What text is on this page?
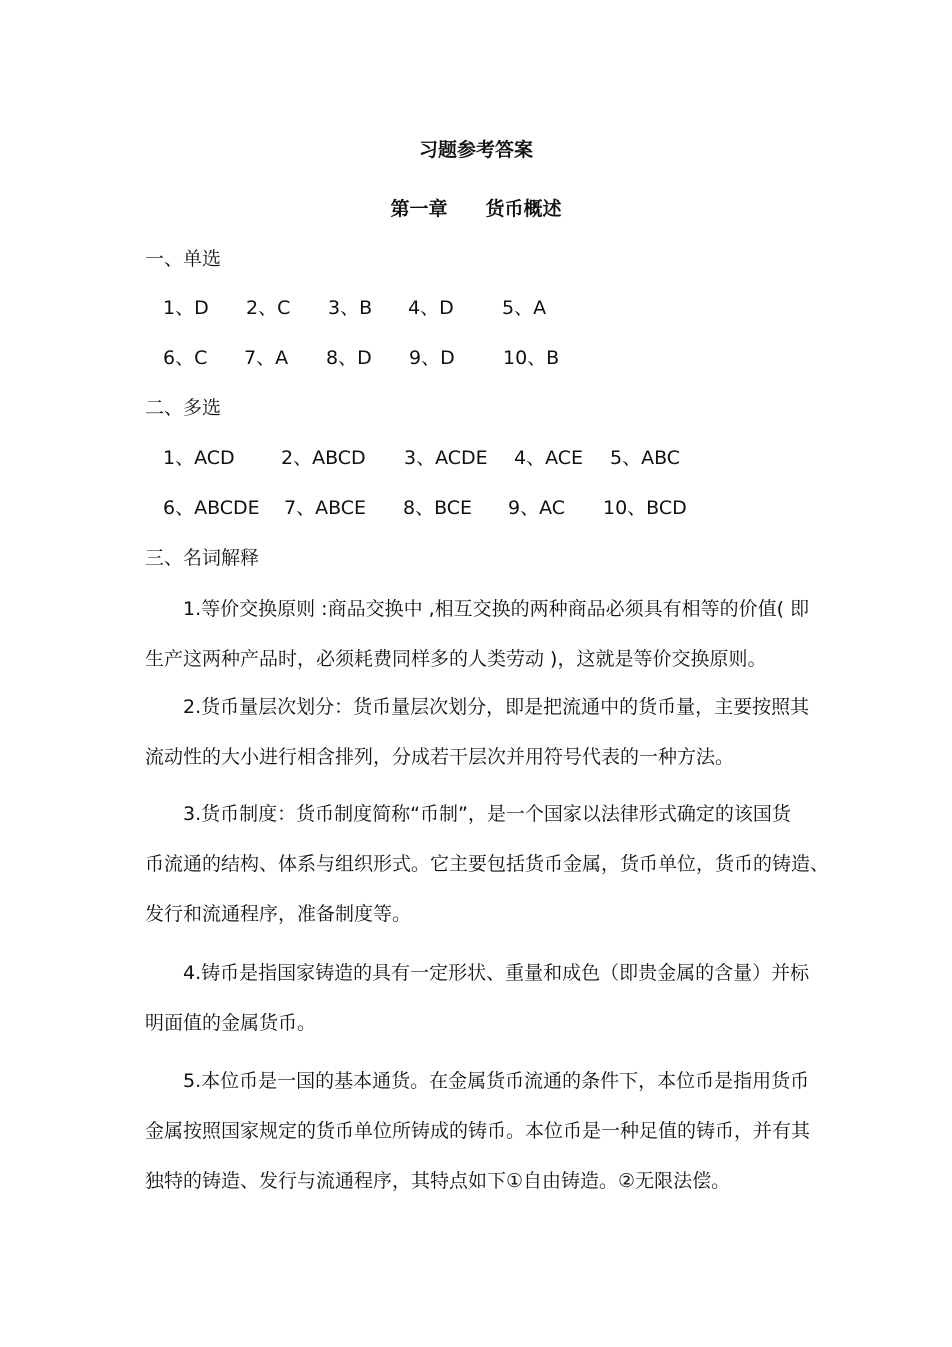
习题参考答案
第一章 货币概述
一、单选
1、D 2、C 3、B 4、D	5、A
6、C 7、A 8、D 9、D	10、B
二、多选
1、ACD 2、ABCD 3、ACDE 4、ACE 5、ABC
6、ABCDE 7、ABCE 8、BCE 9、AC 10、BCD
三、名词解释
1.等价交换原则 :商品交换中 ,相互交换的两种商品必须具有相等的价值( 即
生产这两种产品时，必须耗费同样多的人类劳动 )，这就是等价交换原则。
2.货币量层次划分：货币量层次划分，即是把流通中的货币量，主要按照其
流动性的大小进行相含排列，分成若干层次并用符号代表的一种方法。
3.货币制度：货币制度简称“币制”，是一个国家以法律形式确定的该国货
币流通的结构、体系与组织形式。它主要包括货币金属，货币单位，货币的铸造、
发行和流通程序，准备制度等。
4.铸币是指国家铸造的具有一定形状、重量和成色（即贵金属的含量）并标
明面值的金属货币。
5.本位币是一国的基本通货。在金属货币流通的条件下，本位币是指用货币
金属按照国家规定的货币单位所铸成的铸币。本位币是一种足值的铸币，并有其
独特的铸造、发行与流通程序，其特点如下①自由铸造。②无限法偿。
